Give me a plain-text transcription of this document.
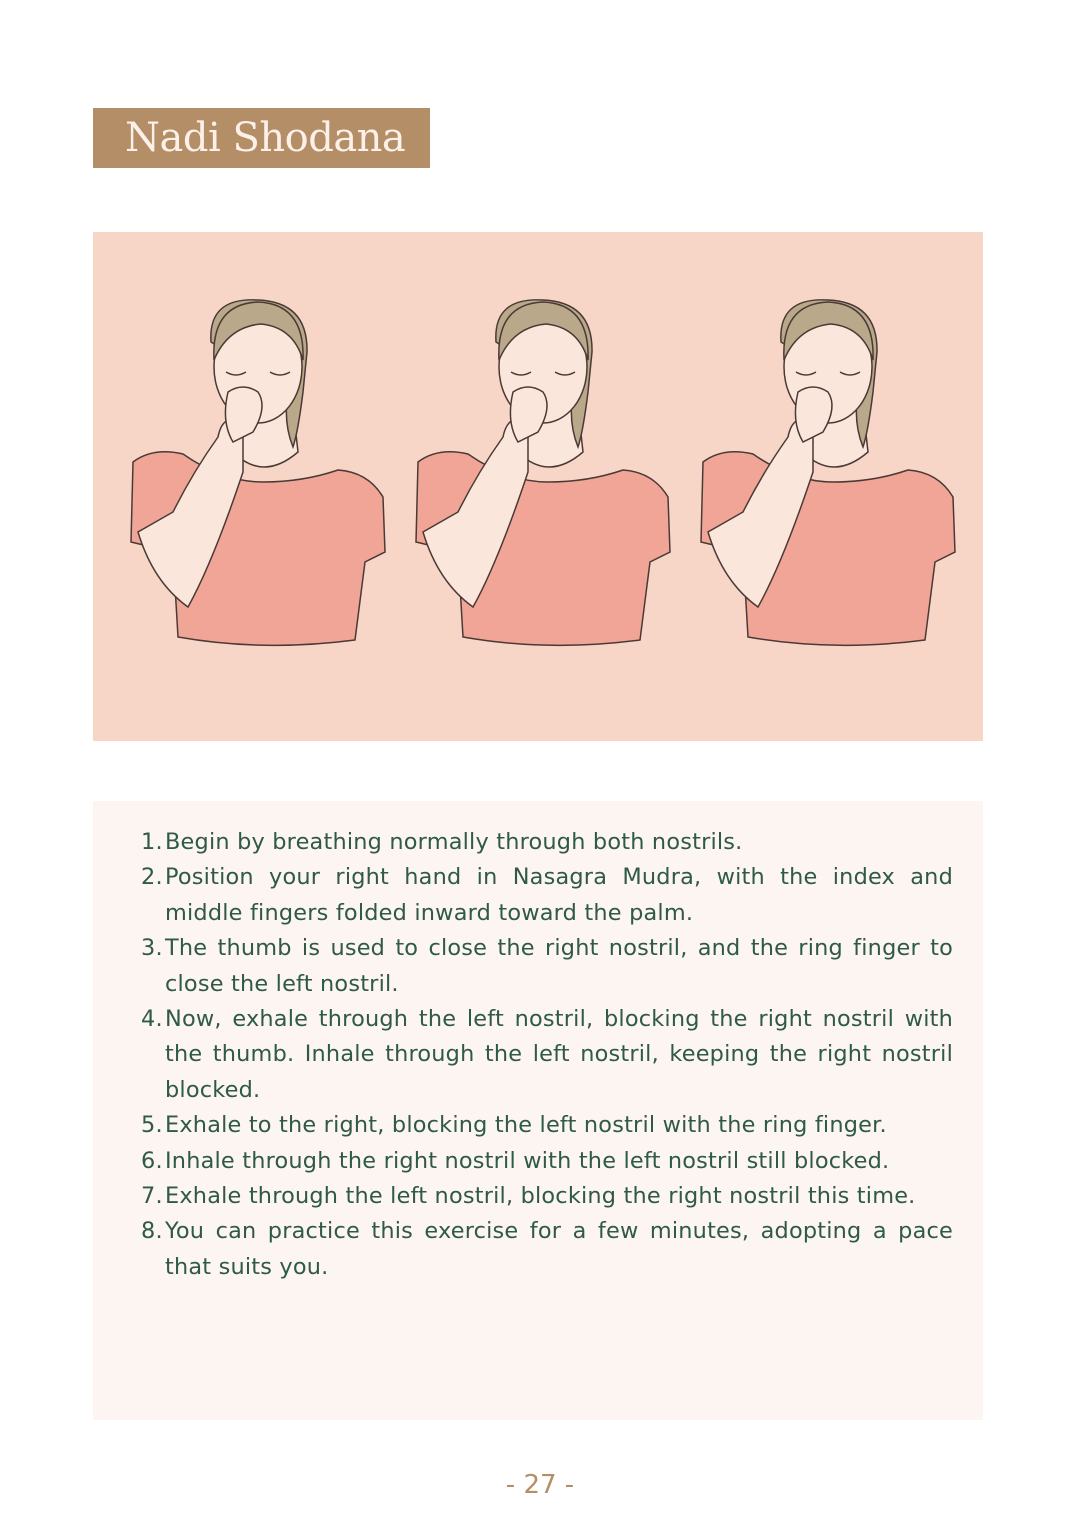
Nadi Shodana
1. Begin by breathing normally through both nostrils.
2. Position your right hand in Nasagra Mudra, with the index and middle fingers folded inward toward the palm.
3. The thumb is used to close the right nostril, and the ring finger to close the left nostril.
4. Now, exhale through the left nostril, blocking the right nostril with the thumb. Inhale through the left nostril, keeping the right nostril blocked.
5. Exhale to the right, blocking the left nostril with the ring finger.
6. Inhale through the right nostril with the left nostril still blocked.
7. Exhale through the left nostril, blocking the right nostril this time.
8. You can practice this exercise for a few minutes, adopting a pace that suits you.
- 27 -
